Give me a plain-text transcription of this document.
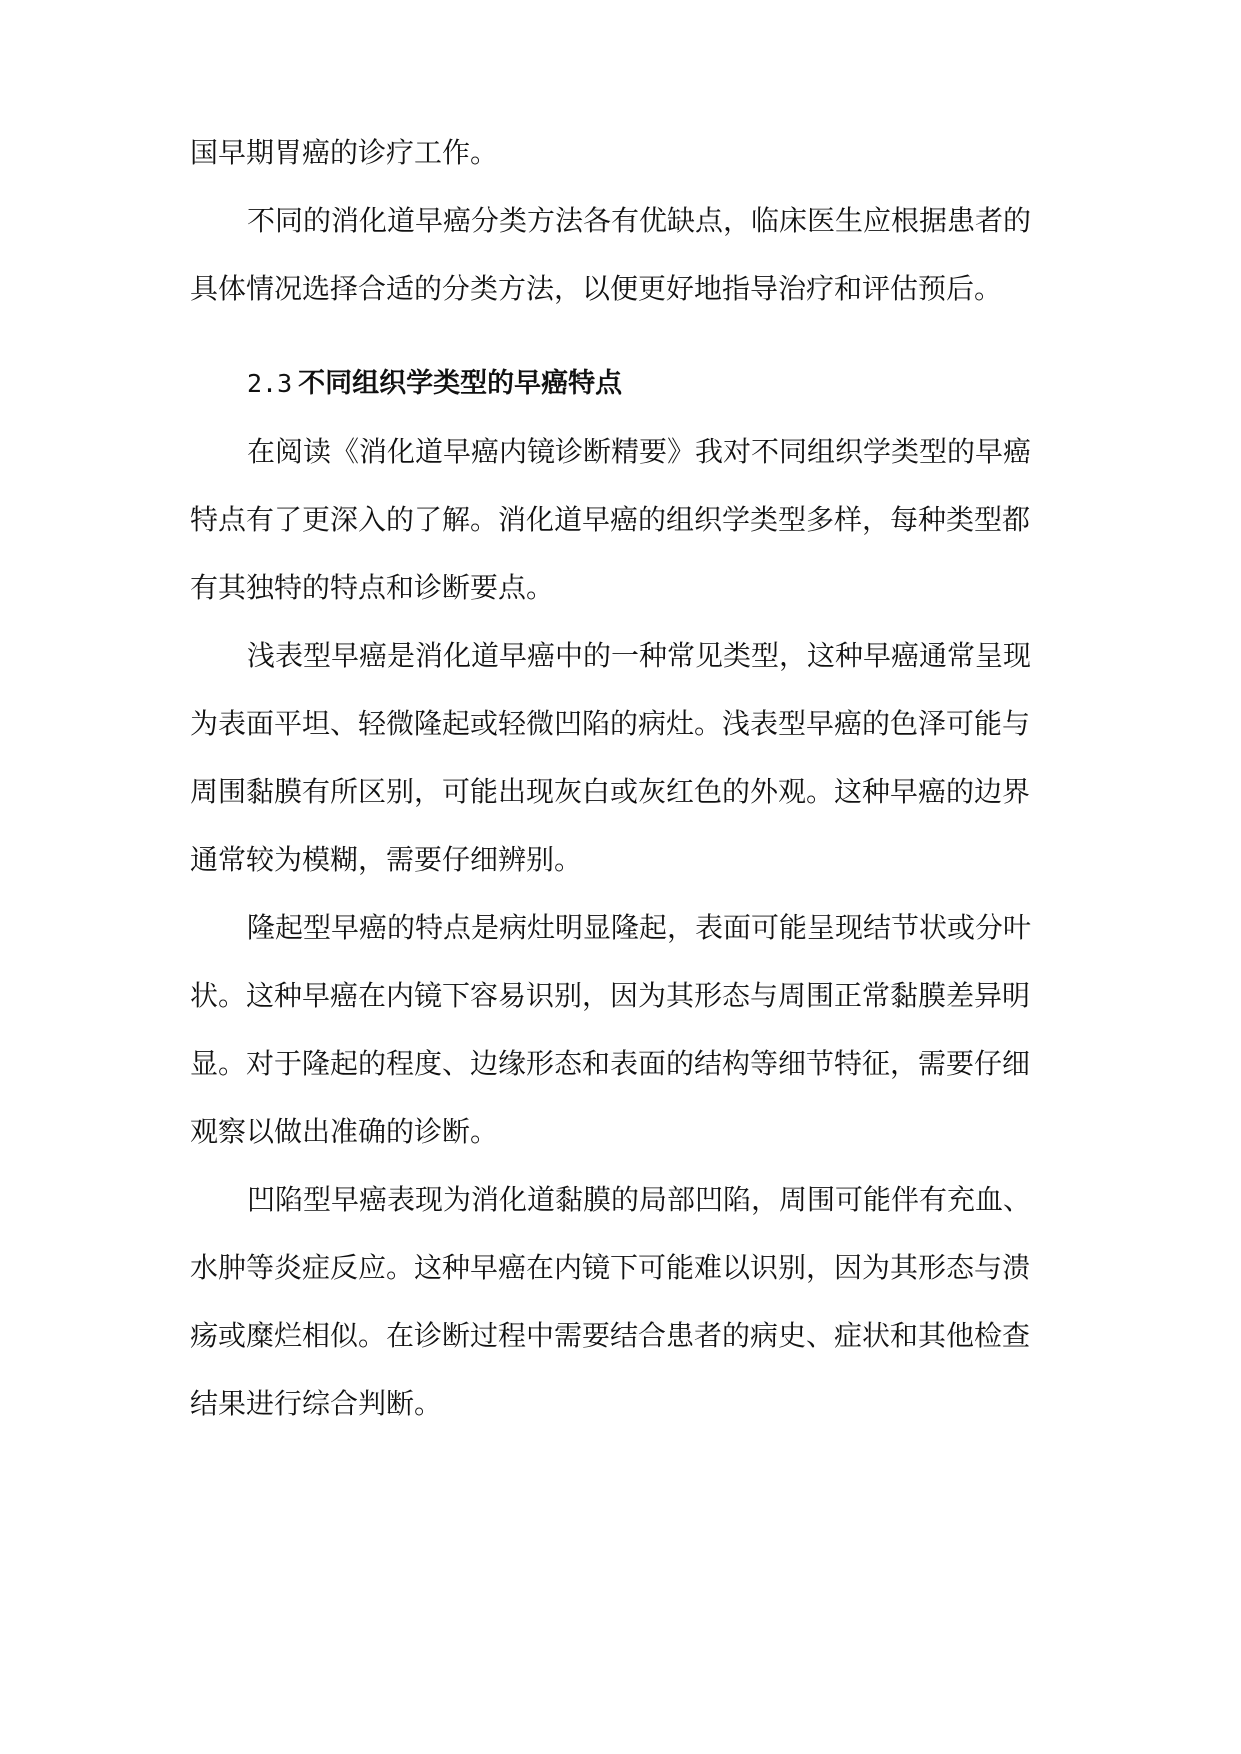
国早期胃癌的诊疗工作。
不同的消化道早癌分类方法各有优缺点，临床医生应根据患者的
具体情况选择合适的分类方法，以便更好地指导治疗和评估预后。
2.3 不同组织学类型的早癌特点
在阅读《消化道早癌内镜诊断精要》我对不同组织学类型的早癌
特点有了更深入的了解。消化道早癌的组织学类型多样，每种类型都
有其独特的特点和诊断要点。
浅表型早癌是消化道早癌中的一种常见类型，这种早癌通常呈现
为表面平坦、轻微隆起或轻微凹陷的病灶。浅表型早癌的色泽可能与
周围黏膜有所区别，可能出现灰白或灰红色的外观。这种早癌的边界
通常较为模糊，需要仔细辨别。
隆起型早癌的特点是病灶明显隆起，表面可能呈现结节状或分叶
状。这种早癌在内镜下容易识别，因为其形态与周围正常黏膜差异明
显。对于隆起的程度、边缘形态和表面的结构等细节特征，需要仔细
观察以做出准确的诊断。
凹陷型早癌表现为消化道黏膜的局部凹陷，周围可能伴有充血、
水肿等炎症反应。这种早癌在内镜下可能难以识别，因为其形态与溃
疡或糜烂相似。在诊断过程中需要结合患者的病史、症状和其他检查
结果进行综合判断。
